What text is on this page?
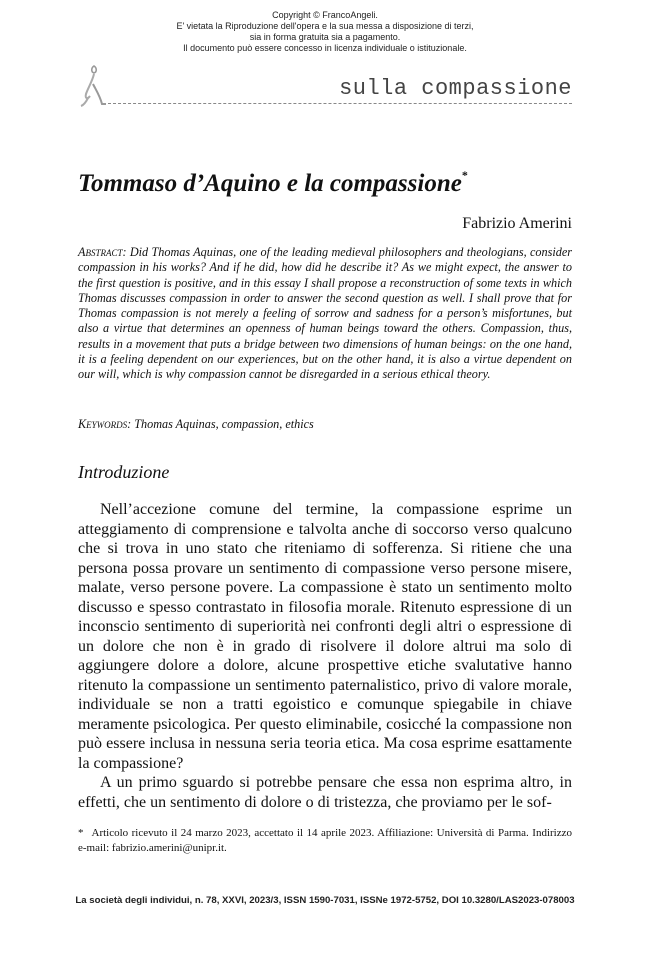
Copyright © FrancoAngeli.
E' vietata la Riproduzione dell'opera e la sua messa a disposizione di terzi,
sia in forma gratuita sia a pagamento.
Il documento può essere concesso in licenza individuale o istituzionale.
sulla compassione
Tommaso d’Aquino e la compassione*
Fabrizio Amerini
Abstract: Did Thomas Aquinas, one of the leading medieval philosophers and theologians, consider compassion in his works? And if he did, how did he describe it? As we might expect, the answer to the first question is positive, and in this essay I shall propose a reconstruction of some texts in which Thomas discusses compassion in order to answer the second question as well. I shall prove that for Thomas compassion is not merely a feeling of sorrow and sadness for a person’s misfortunes, but also a virtue that determines an openness of human beings toward the others. Compassion, thus, results in a movement that puts a bridge between two dimensions of human beings: on the one hand, it is a feeling dependent on our experiences, but on the other hand, it is also a virtue dependent on our will, which is why compassion cannot be disregarded in a serious ethical theory.
Keywords: Thomas Aquinas, compassion, ethics
Introduzione

Nell’accezione comune del termine, la compassione esprime un atteggiamento di comprensione e talvolta anche di soccorso verso qualcuno che si trova in uno stato che riteniamo di sofferenza. Si ritiene che una persona possa provare un sentimento di compassione verso persone misere, malate, verso persone povere. La compassione è stato un sentimento molto discusso e spesso contrastato in filosofia morale. Ritenuto espressione di un inconscio sentimento di superiorità nei confronti degli altri o espressione di un dolore che non è in grado di risolvere il dolore altrui ma solo di aggiungere dolore a dolore, alcune prospettive etiche svalutative hanno ritenuto la compassione un sentimento paternalistico, privo di valore morale, individuale se non a tratti egoistico e comunque spiegabile in chiave meramente psicologica. Per questo eliminabile, cosicché la compassione non può essere inclusa in nessuna seria teoria etica. Ma cosa esprime esattamente la compassione?

A un primo sguardo si potrebbe pensare che essa non esprima altro, in effetti, che un sentimento di dolore o di tristezza, che proviamo per le sof-

* Articolo ricevuto il 24 marzo 2023, accettato il 14 aprile 2023. Affiliazione: Università di Parma. Indirizzo e-mail: fabrizio.amerini@unipr.it.
La società degli individui, n. 78, XXVI, 2023/3, ISSN 1590-7031, ISSNe 1972-5752, DOI 10.3280/LAS2023-078003
